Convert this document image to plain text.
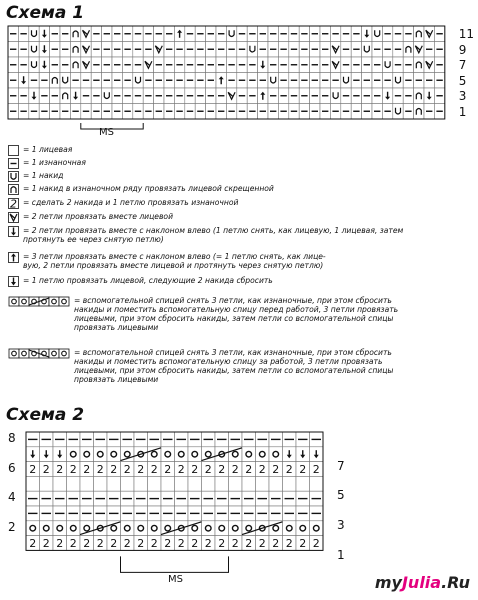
Схема 1
Схема 2
11
9
7
5
3
1
MS
= 1 лицевая
= 1 изнаночная
= 1 накид
= 1 накид в изнаночном ряду провязать лицевой скрещенной
2 = сделать 2 накида и 1 петлю провязать изнаночной
= 2 петли провязать вместе лицевой
= 2 петли провязать вместе с наклоном влево (1 петлю снять, как лицевую, 1 лицевая, затем
протянуть ее через снятую петлю)
= 3 петли провязать вместе с наклоном влево (= 1 петлю снять, как лице-
вую, 2 петли провязать вместе лицевой и протянуть через снятую петлю)
= 1 петлю провязать лицевой, следующие 2 накида сбросить
= вспомогательной спицей снять 3 петли, как изнаночные, при этом сбросить
накиды и поместить вспомогательную спицу перед работой, 3 петли провязать
лицевыми, при этом сбросить накиды, затем петли со вспомогательной спицы
провязать лицевыми
= вспомогательной спицей снять 3 петли, как изнаночные, при этом сбросить
накиды и поместить вспомогательную спицу за работой, 3 петли провязать
лицевыми, при этом сбросить накиды, затем петли со вспомогательной спицы
провязать лицевыми
2 2 2 2 2 2 2 2 2 2 2 2 2 2 2 2 2 2 2 2 2 2
2 2 2 2 2 2 2 2 2 2 2 2 2 2 2 2 2 2 2 2 2 2
8
6
4
2
7
5
3
1
MS	myJulia.Ru
